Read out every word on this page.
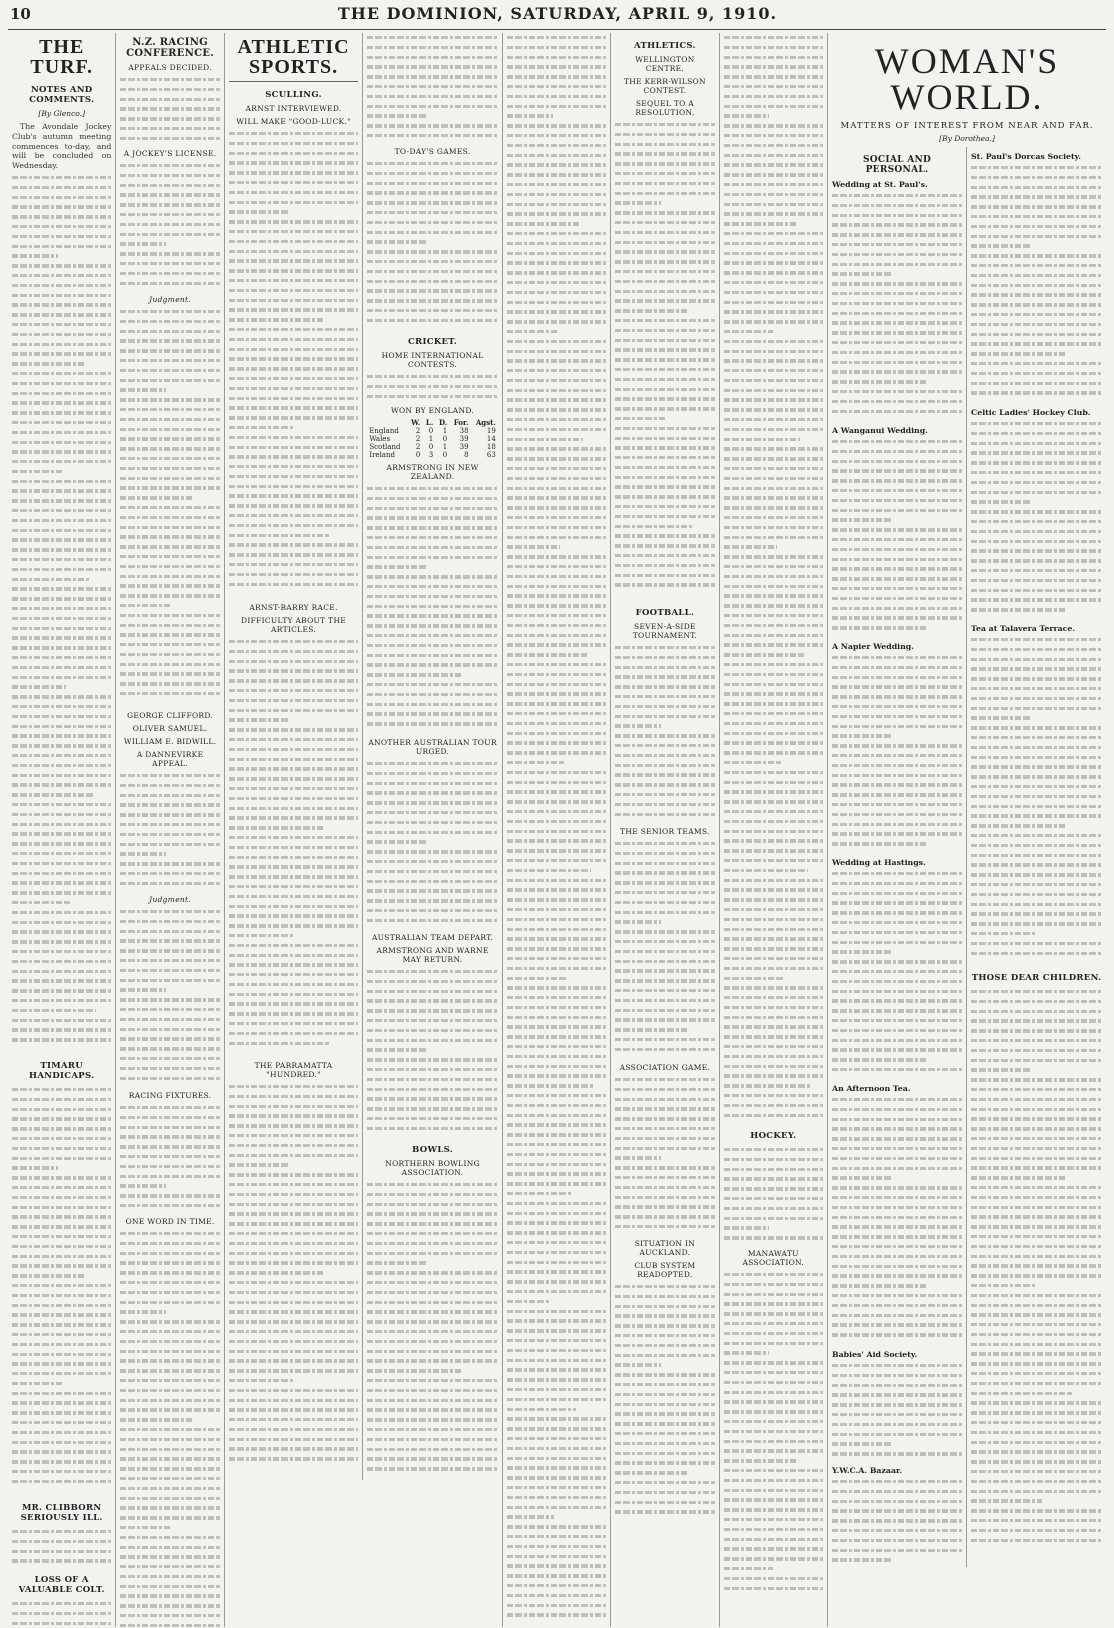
10	THE DOMINION, SATURDAY, APRIL 9, 1910.
THE TURF.
NOTES AND COMMENTS.
[By Glenco.]

The Avondale Jockey Club's autumn meeting commences to-day, and will be concluded on Wednesday.

TIMARU HANDICAPS.
MR. CLIBBORN SERIOUSLY ILL.
LOSS OF A VALUABLE COLT.
N.Z. RACING CONFERENCE.
APPEALS DECIDED.
A JOCKEY'S LICENSE.
Judgment.
GEORGE CLIFFORD.
OLIVER SAMUEL.
WILLIAM E. BIDWILL.
A DANNEVIRKE APPEAL.
Judgment.
RACING FIXTURES.
ONE WORD IN TIME.
ATHLETIC SPORTS.
SCULLING.
ARNST INTERVIEWED.
WILL MAKE "GOOD-LUCK."
ARNST-BARRY RACE.
DIFFICULTY ABOUT THE ARTICLES.
THE PARRAMATTA "HUNDRED."
TO-DAY'S GAMES.
CRICKET.
HOME INTERNATIONAL CONTESTS.
WON BY ENGLAND.
	W.	L.	D.	For.	Agst.
England	2	0	1	38	19
Wales	2	1	0	39	14
Scotland	2	0	1	39	18
Ireland	0	3	0	8	63
ARMSTRONG IN NEW ZEALAND.
ANOTHER AUSTRALIAN TOUR URGED.
AUSTRALIAN TEAM DEPART.
ARMSTRONG AND WARNE MAY RETURN.
BOWLS.
NORTHERN BOWLING ASSOCIATION.
ATHLETICS.
WELLINGTON CENTRE.
THE KERR-WILSON CONTEST.
SEQUEL TO A RESOLUTION.
FOOTBALL.
SEVEN-A-SIDE TOURNAMENT.
THE SENIOR TEAMS.
ASSOCIATION GAME.
SITUATION IN AUCKLAND.
CLUB SYSTEM READOPTED.
HOCKEY.
MANAWATU ASSOCIATION.
WOMAN'S WORLD.
MATTERS OF INTEREST FROM NEAR AND FAR.
[By Dorothea.]
SOCIAL AND PERSONAL.

Wedding at St. Paul's.

A Wanganui Wedding.

A Napier Wedding.

Wedding at Hastings.

An Afternoon Tea.

Babies' Aid Society.

Y.W.C.A. Bazaar.

St. Paul's Dorcas Society.

Celtic Ladies' Hockey Club.

Tea at Talavera Terrace.

THOSE DEAR CHILDREN.
